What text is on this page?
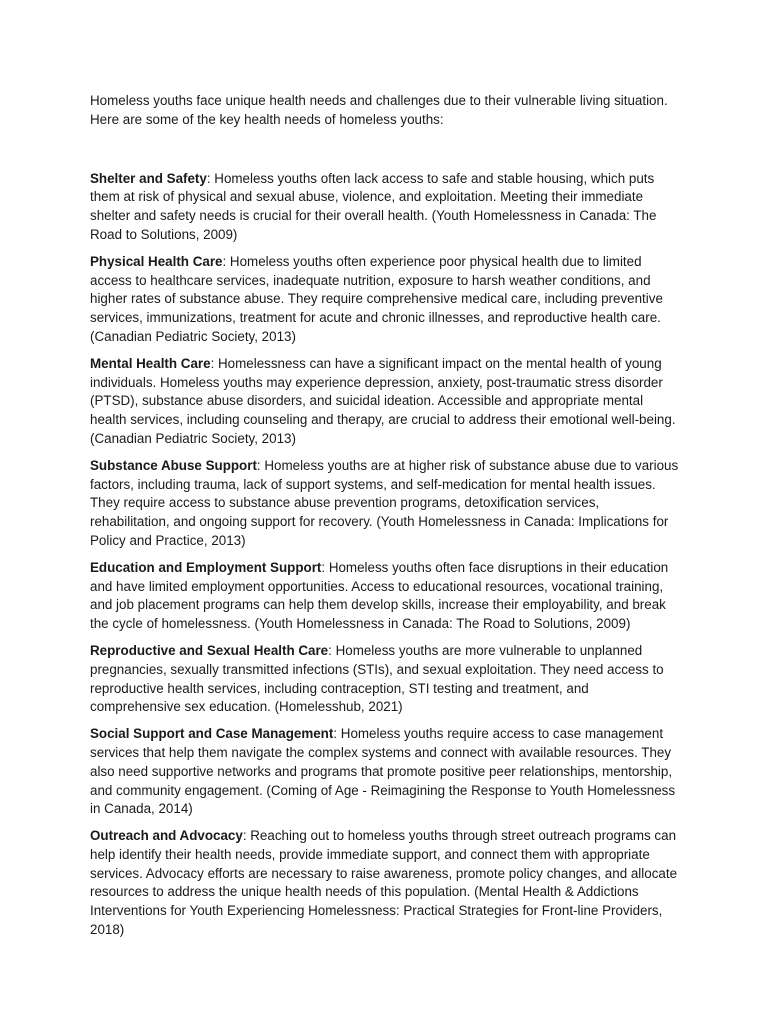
Homeless youths face unique health needs and challenges due to their vulnerable living situation. Here are some of the key health needs of homeless youths:

Shelter and Safety: Homeless youths often lack access to safe and stable housing, which puts them at risk of physical and sexual abuse, violence, and exploitation. Meeting their immediate shelter and safety needs is crucial for their overall health. (Youth Homelessness in Canada: The Road to Solutions, 2009)

Physical Health Care: Homeless youths often experience poor physical health due to limited access to healthcare services, inadequate nutrition, exposure to harsh weather conditions, and higher rates of substance abuse. They require comprehensive medical care, including preventive services, immunizations, treatment for acute and chronic illnesses, and reproductive health care. (Canadian Pediatric Society, 2013)

Mental Health Care: Homelessness can have a significant impact on the mental health of young individuals. Homeless youths may experience depression, anxiety, post-traumatic stress disorder (PTSD), substance abuse disorders, and suicidal ideation. Accessible and appropriate mental health services, including counseling and therapy, are crucial to address their emotional well-being. (Canadian Pediatric Society, 2013)

Substance Abuse Support: Homeless youths are at higher risk of substance abuse due to various factors, including trauma, lack of support systems, and self-medication for mental health issues. They require access to substance abuse prevention programs, detoxification services, rehabilitation, and ongoing support for recovery. (Youth Homelessness in Canada: Implications for Policy and Practice, 2013)

Education and Employment Support: Homeless youths often face disruptions in their education and have limited employment opportunities. Access to educational resources, vocational training, and job placement programs can help them develop skills, increase their employability, and break the cycle of homelessness. (Youth Homelessness in Canada: The Road to Solutions, 2009)

Reproductive and Sexual Health Care: Homeless youths are more vulnerable to unplanned pregnancies, sexually transmitted infections (STIs), and sexual exploitation. They need access to reproductive health services, including contraception, STI testing and treatment, and comprehensive sex education. (Homelesshub, 2021)

Social Support and Case Management: Homeless youths require access to case management services that help them navigate the complex systems and connect with available resources. They also need supportive networks and programs that promote positive peer relationships, mentorship, and community engagement. (Coming of Age - Reimagining the Response to Youth Homelessness in Canada, 2014)

Outreach and Advocacy: Reaching out to homeless youths through street outreach programs can help identify their health needs, provide immediate support, and connect them with appropriate services. Advocacy efforts are necessary to raise awareness, promote policy changes, and allocate resources to address the unique health needs of this population. (Mental Health & Addictions Interventions for Youth Experiencing Homelessness: Practical Strategies for Front-line Providers, 2018)
